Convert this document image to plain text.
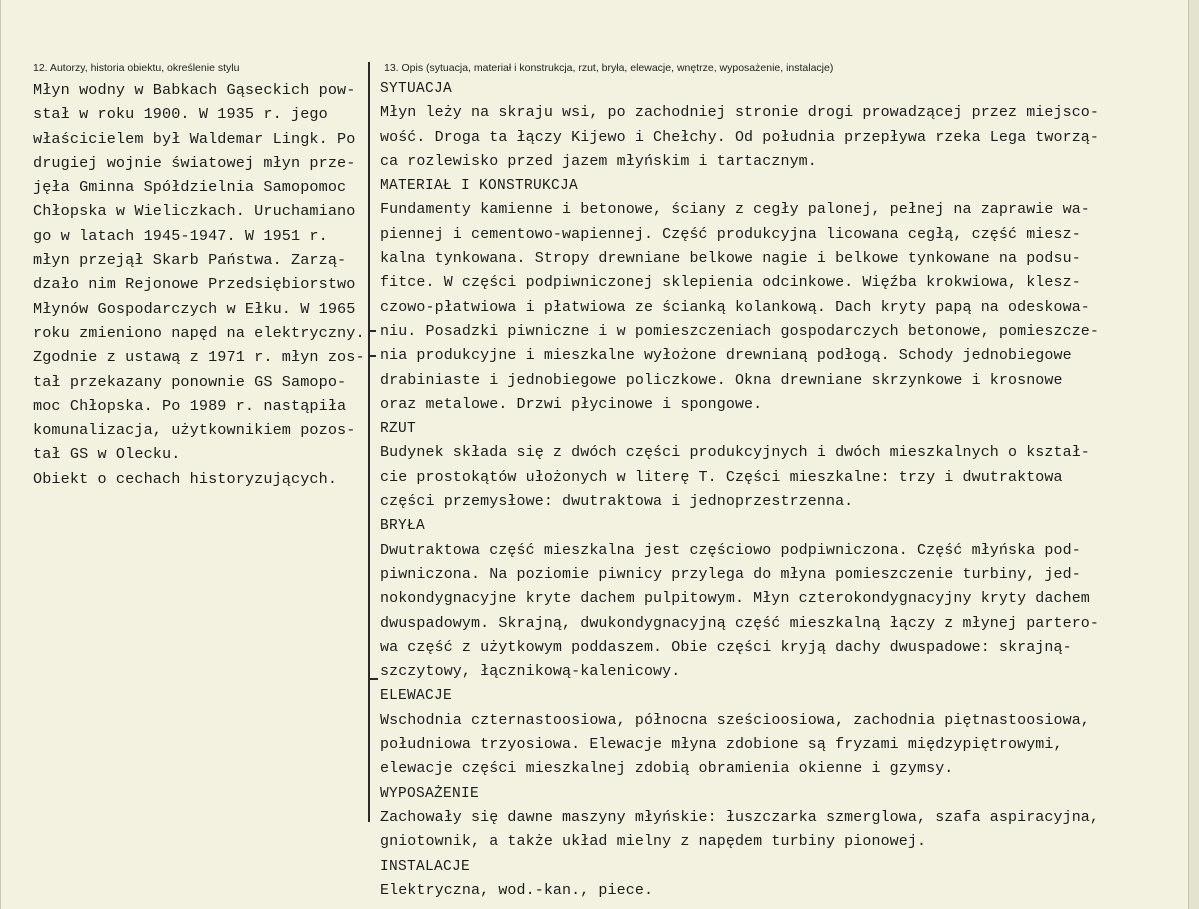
12. Autorzy, historia obiektu, określenie stylu	13. Opis (sytuacja, materiał i konstrukcja, rzut, bryła, elewacje, wnętrze, wyposażenie, instalacje)
Młyn wodny w Babkach Gąseckich pow-
stał w roku 1900. W 1935 r. jego
właścicielem był Waldemar Lingk. Po
drugiej wojnie światowej młyn prze-
jęła Gminna Spółdzielnia Samopomoc
Chłopska w Wieliczkach. Uruchamiano
go w latach 1945-1947. W 1951 r.
młyn przejął Skarb Państwa. Zarzą-
dzało nim Rejonowe Przedsiębiorstwo
Młynów Gospodarczych w Ełku. W 1965
roku zmieniono napęd na elektryczny.
Zgodnie z ustawą z 1971 r. młyn zos-
tał przekazany ponownie GS Samopo-
moc Chłopska. Po 1989 r. nastąpiła
komunalizacja, użytkownikiem pozos-
tał GS w Olecku.
Obiekt o cechach historyzujących.
SYTUACJA
Młyn leży na skraju wsi, po zachodniej stronie drogi prowadzącej przez miejsco-
wość. Droga ta łączy Kijewo i Chełchy. Od południa przepływa rzeka Lega tworzą-
ca rozlewisko przed jazem młyńskim i tartacznym.
MATERIAŁ I KONSTRUKCJA
Fundamenty kamienne i betonowe, ściany z cegły palonej, pełnej na zaprawie wa-
piennej i cementowo-wapiennej. Część produkcyjna licowana cegłą, część miesz-
kalna tynkowana. Stropy drewniane belkowe nagie i belkowe tynkowane na podsu-
fitce. W części podpiwniczonej sklepienia odcinkowe. Więźba krokwiowa, klesz-
czowo-płatwiowa i płatwiowa ze ścianką kolankową. Dach kryty papą na odeskowa-
niu. Posadzki piwniczne i w pomieszczeniach gospodarczych betonowe, pomieszcze-
nia produkcyjne i mieszkalne wyłożone drewnianą podłogą. Schody jednobiegowe
drabiniaste i jednobiegowe policzkowe. Okna drewniane skrzynkowe i krosnowe
oraz metalowe. Drzwi płycinowe i spongowe.
RZUT
Budynek składa się z dwóch części produkcyjnych i dwóch mieszkalnych o kształ-
cie prostokątów ułożonych w literę T. Części mieszkalne: trzy i dwutraktowa
części przemysłowe: dwutraktowa i jednoprzestrzenna.
BRYŁA
Dwutraktowa część mieszkalna jest częściowo podpiwniczona. Część młyńska pod-
piwniczona. Na poziomie piwnicy przylega do młyna pomieszczenie turbiny, jed-
nokondygnacyjne kryte dachem pulpitowym. Młyn czterokondygnacyjny kryty dachem
dwuspadowym. Skrajną, dwukondygnacyjną część mieszkalną łączy z młynej partero-
wa część z użytkowym poddaszem. Obie części kryją dachy dwuspadowe: skrajną-
szczytowy, łącznikową-kalenicowy.
ELEWACJE
Wschodnia czternastoosiowa, północna sześcioosiowa, zachodnia piętnastoosiowa,
południowa trzyosiowa. Elewacje młyna zdobione są fryzami międzypiętrowymi,
elewacje części mieszkalnej zdobią obramienia okienne i gzymsy.
WYPOSAŻENIE
Zachowały się dawne maszyny młyńskie: łuszczarka szmerglowa, szafa aspiracyjna,
gniotownik, a także układ mielny z napędem turbiny pionowej.
INSTALACJE
Elektryczna, wod.-kan., piece.
